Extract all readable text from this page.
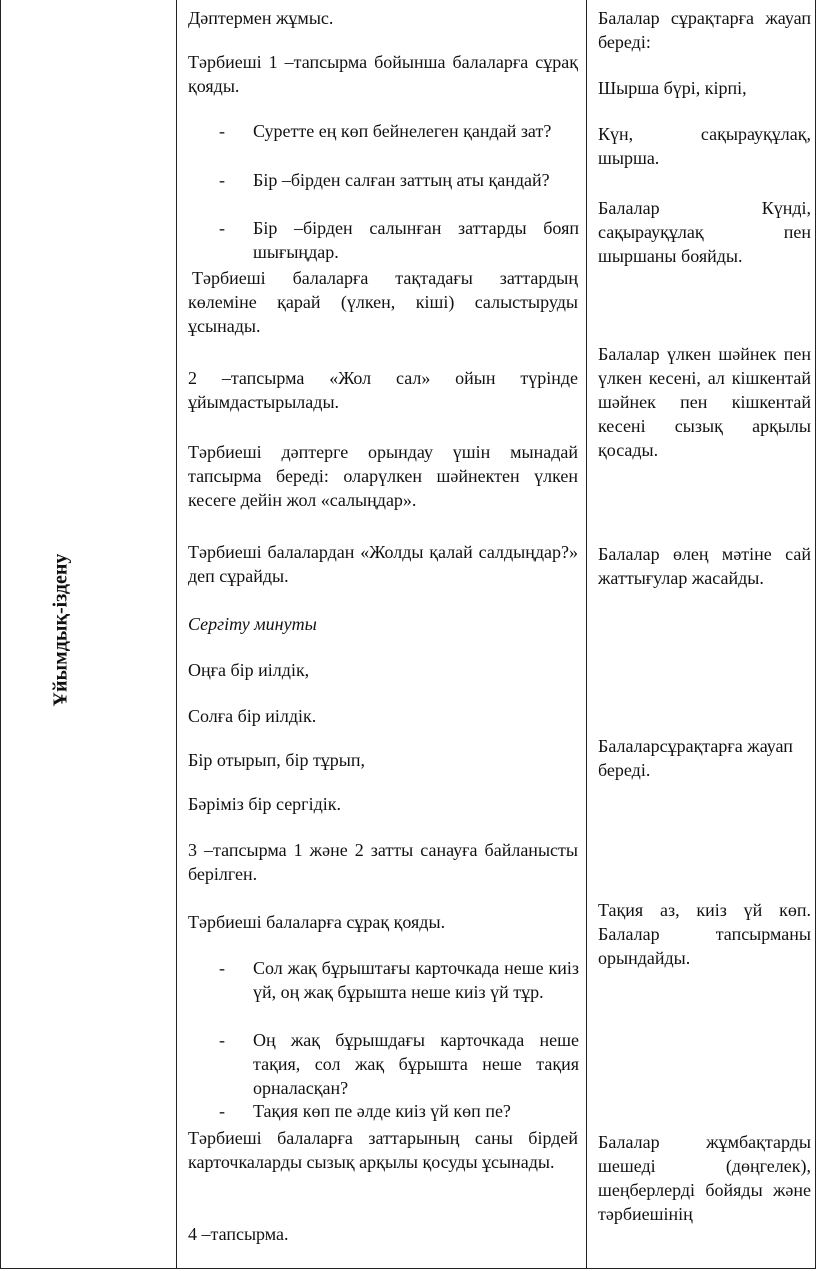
Ұйымдық-іздену

Дәптермен жұмыс.

Тәрбиеші 1 –тапсырма бойынша балаларға сұрақ қояды.

- Суретте ең көп бейнелеген қандай зат?
- Бір –бірден салған заттың аты қандай?
- Бір –бірден салынған заттарды бояп шығыңдар.

Тәрбиеші балаларға тақтадағы заттардың көлеміне қарай (үлкен, кіші) салыстыруды ұсынады.

2 –тапсырма «Жол сал» ойын түрінде ұйымдастырылады.

Тәрбиеші дәптерге орындау үшін мынадай тапсырма береді: оларүлкен шәйнектен үлкен кесеге дейін жол «салыңдар».

Тәрбиеші балалардан «Жолды қалай салдыңдар?» деп сұрайды.

Сергіту минуты

Оңға бір иілдік,

Солға бір иілдік.

Бір отырып, бір тұрып,

Бәріміз бір сергідік.

3 –тапсырма 1 және 2 затты санауға байланысты берілген.

Тәрбиеші балаларға сұрақ қояды.

- Сол жақ бұрыштағы карточкада неше киіз үй, оң жақ бұрышта неше киіз үй тұр.
- Оң жақ бұрышдағы карточкада неше тақия, сол жақ бұрышта неше тақия орналасқан?
- Тақия көп пе әлде киіз үй көп пе?

Тәрбиеші балаларға заттарының саны бірдей карточкаларды сызық арқылы қосуды ұсынады.

4 –тапсырма.

Балалар сұрақтарға жауап береді:

Шырша бүрі, кірпі,

Күн, сақырауқұлақ, шырша.

Балалар Күнді, сақырауқұлақ пен шыршаны бояйды.

Балалар үлкен шәйнек пен үлкен кесені, ал кішкентай шәйнек пен кішкентай кесені сызық арқылы қосады.

Балалар өлең мәтіне сай жаттығулар жасайды.

Балаларсұрақтарға жауап береді.

Тақия аз, киіз үй көп. Балалар тапсырманы орындайды.

Балалар жұмбақтарды шешеді (дөңгелек), шеңберлерді бойяды және тәрбиешінің
